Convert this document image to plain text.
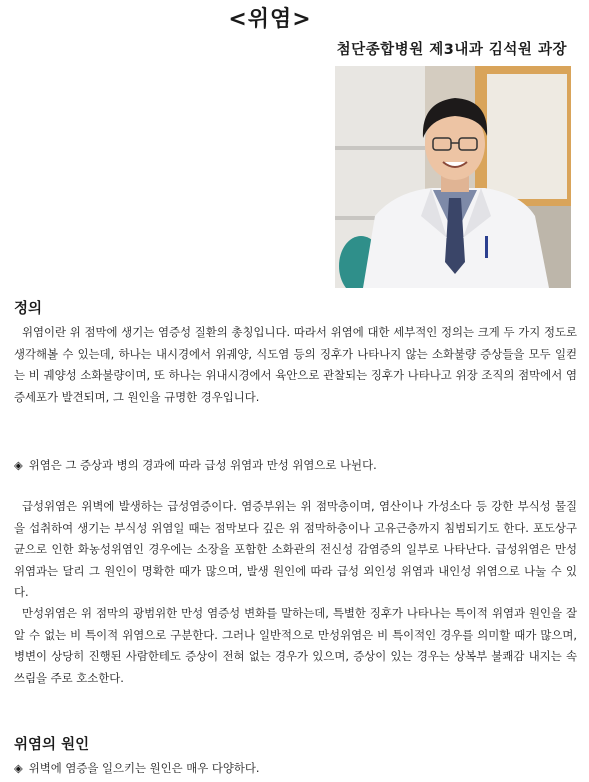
<위염>
첨단종합병원 제3내과 김석원 과장
정의

위염이란 위 점막에 생기는 염증성 질환의 총칭입니다. 따라서 위염에 대한 세부적인 정의는 크게 두 가지 정도로 생각해볼 수 있는데, 하나는 내시경에서 위궤양, 식도염 등의 징후가 나타나지 않는 소화불량 증상들을 모두 일컫는 비 궤양성 소화불량이며, 또 하나는 위내시경에서 육안으로 관찰되는 징후가 나타나고 위장 조직의 점막에서 염증세포가 발견되며, 그 원인을 규명한 경우입니다.

◈ 위염은 그 증상과 병의 경과에 따라 급성 위염과 만성 위염으로 나뉜다.

급성위염은 위벽에 발생하는 급성염증이다. 염증부위는 위 점막층이며, 염산이나 가성소다 등 강한 부식성 물질을 섭취하여 생기는 부식성 위염일 때는 점막보다 깊은 위 점막하층이나 고유근층까지 침범되기도 한다. 포도상구균으로 인한 화농성위염인 경우에는 소장을 포함한 소화관의 전신성 감염증의 일부로 나타난다. 급성위염은 만성위염과는 달리 그 원인이 명확한 때가 많으며, 발생 원인에 따라 급성 외인성 위염과 내인성 위염으로 나눌 수 있다.

만성위염은 위 점막의 광범위한 만성 염증성 변화를 말하는데, 특별한 징후가 나타나는 특이적 위염과 원인을 잘 알 수 없는 비 특이적 위염으로 구분한다. 그러나 일반적으로 만성위염은 비 특이적인 경우를 의미할 때가 많으며, 병변이 상당히 진행된 사람한테도 증상이 전혀 없는 경우가 있으며, 증상이 있는 경우는 상복부 불쾌감 내지는 속 쓰림을 주로 호소한다.

위염의 원인
◈ 위벽에 염증을 일으키는 원인은 매우 다양하다.
